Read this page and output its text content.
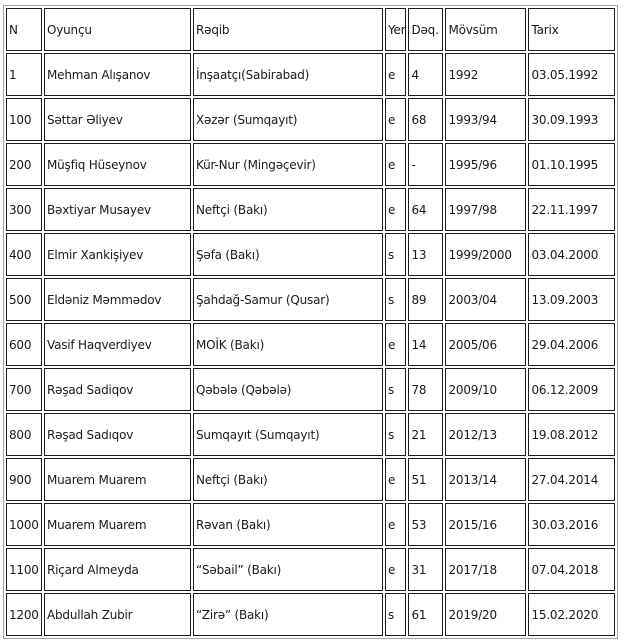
N	Oyunçu	Rəqib	Yer	Dəq.	Mövsüm	Tarix
1	Mehman Alışanov	İnşaatçı(Sabirabad)	e	4	1992	03.05.1992
100	Səttar Əliyev	Xəzər (Sumqayıt)	e	68	1993/94	30.09.1993
200	Müşfiq Hüseynov	Kür-Nur (Mingəçevir)	e	-	1995/96	01.10.1995
300	Bəxtiyar Musayev	Neftçi (Bakı)	e	64	1997/98	22.11.1997
400	Elmir Xankişiyev	Şəfa (Bakı)	s	13	1999/2000	03.04.2000
500	Eldəniz Məmmədov	Şahdağ-Samur (Qusar)	s	89	2003/04	13.09.2003
600	Vasif Haqverdiyev	MOİK (Bakı)	e	14	2005/06	29.04.2006
700	Rəşad Sadiqov	Qəbələ (Qəbələ)	s	78	2009/10	06.12.2009
800	Rəşad Sadıqov	Sumqayıt (Sumqayıt)	s	21	2012/13	19.08.2012
900	Muarem Muarem	Neftçi (Bakı)	e	51	2013/14	27.04.2014
1000	Muarem Muarem	Rəvan (Bakı)	e	53	2015/16	30.03.2016
1100	Riçard Almeyda	“Səbail” (Bakı)	e	31	2017/18	07.04.2018
1200	Abdullah Zubir	“Zirə” (Bakı)	s	61	2019/20	15.02.2020
